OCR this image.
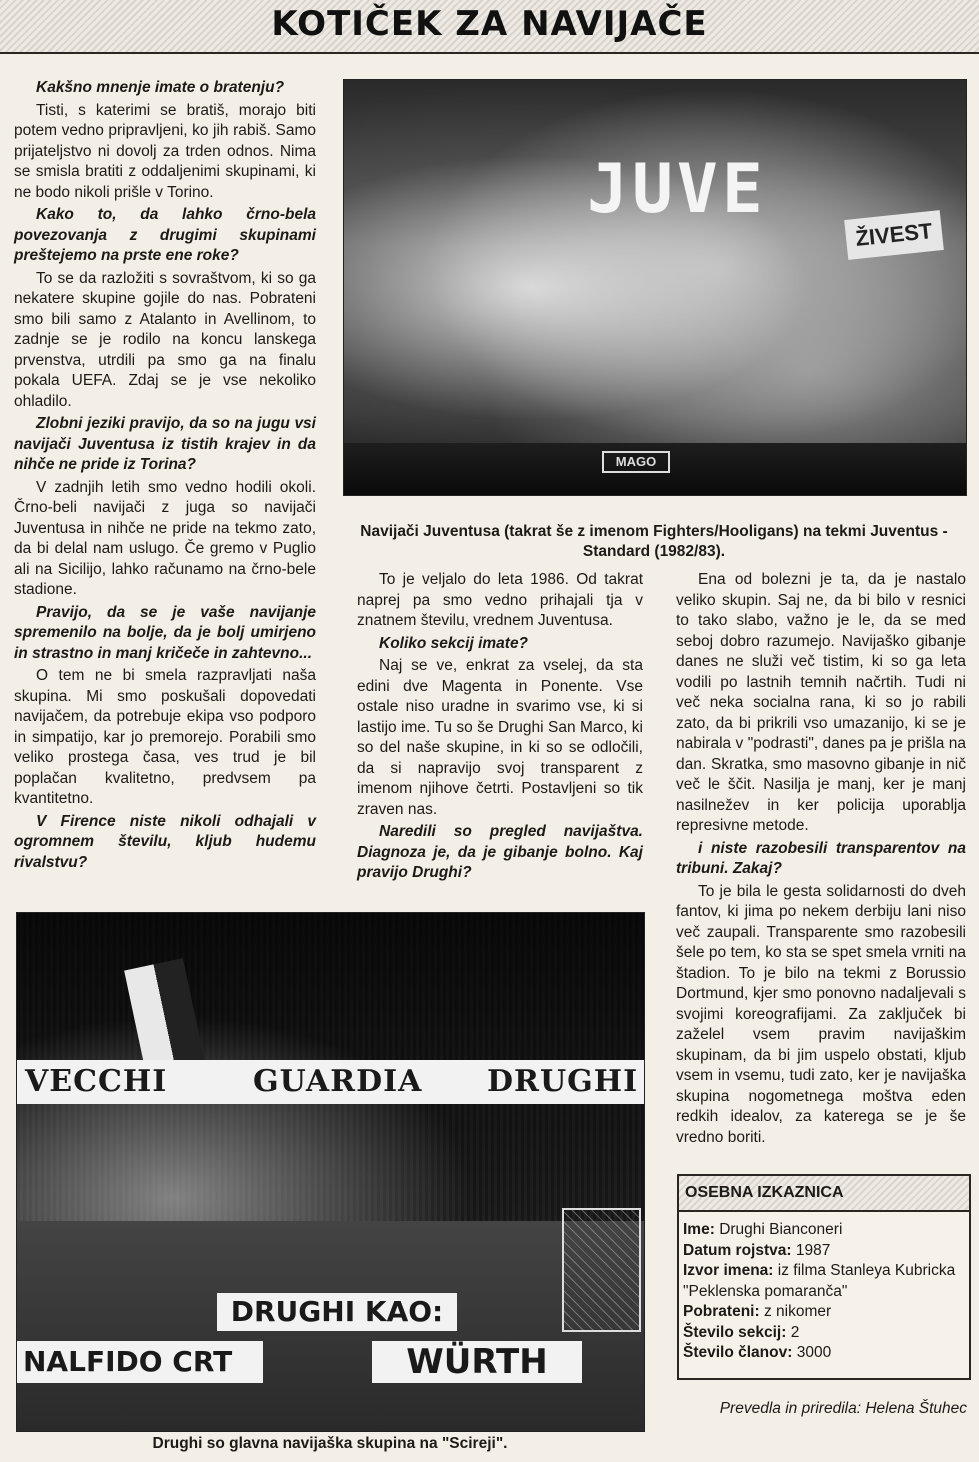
KOTIČEK ZA NAVIJAČE

Kakšno mnenje imate o bratenju?

Tisti, s katerimi se bratiš, morajo biti potem vedno pripravljeni, ko jih rabiš. Samo prijateljstvo ni dovolj za trden odnos. Nima se smisla bratiti z oddaljenimi skupinami, ki ne bodo nikoli prišle v Torino.

Kako to, da lahko črno-bela povezovanja z drugimi skupinami preštejemo na prste ene roke?

To se da razložiti s sovraštvom, ki so ga nekatere skupine gojile do nas. Pobrateni smo bili samo z Atalanto in Avellinom, to zadnje se je rodilo na koncu lanskega prvenstva, utrdili pa smo ga na finalu pokala UEFA. Zdaj se je vse nekoliko ohladilo.

Zlobni jeziki pravijo, da so na jugu vsi navijači Juventusa iz tistih krajev in da nihče ne pride iz Torina?

V zadnjih letih smo vedno hodili okoli. Črno-beli navijači z juga so navijači Juventusa in nihče ne pride na tekmo zato, da bi delal nam uslugo. Če gremo v Puglio ali na Sicilijo, lahko računamo na črno-bele stadione.

Pravijo, da se je vaše navijanje spremenilo na bolje, da je bolj umirjeno in strastno in manj kričeče in zahtevno...

O tem ne bi smela razpravljati naša skupina. Mi smo poskušali dopovedati navijačem, da potrebuje ekipa vso podporo in simpatijo, kar jo premorejo. Porabili smo veliko prostega časa, ves trud je bil poplačan kvalitetno, predvsem pa kvantitetno.

V Firence niste nikoli odhajali v ogromnem številu, kljub hudemu rivalstvu?

To je veljalo do leta 1986. Od takrat naprej pa smo vedno prihajali tja v znatnem številu, vrednem Juventusa.

Koliko sekcij imate?

Naj se ve, enkrat za vselej, da sta edini dve Magenta in Ponente. Vse ostale niso uradne in svarimo vse, ki si lastijo ime. Tu so še Drughi San Marco, ki so del naše skupine, in ki so se odločili, da si napravijo svoj transparent z imenom njihove četrti. Postavljeni so tik zraven nas.

Naredili so pregled navijaštva. Diagnoza je, da je gibanje bolno. Kaj pravijo Drughi?

Ena od bolezni je ta, da je nastalo veliko skupin. Saj ne, da bi bilo v resnici to tako slabo, važno je le, da se med seboj dobro razumejo. Navijaško gibanje danes ne služi več tistim, ki so ga leta vodili po lastnih temnih načrtih. Tudi ni več neka socialna rana, ki so jo rabili zato, da bi prikrili vso umazanijo, ki se je nabirala v "podrasti", danes pa je prišla na dan. Skratka, smo masovno gibanje in nič več le ščit. Nasilja je manj, ker je manj nasilnežev in ker policija uporablja represivne metode.

i niste razobesili transparentov na tribuni. Zakaj?

To je bila le gesta solidarnosti do dveh fantov, ki jima po nekem derbiju lani niso več zaupali. Transparente smo razobesili šele po tem, ko sta se spet smela vrniti na štadion. To je bilo na tekmi z Borussio Dortmund, kjer smo ponovno nadaljevali s svojimi koreografijami. Za zaključek bi zaželel vsem pravim navijaškim skupinam, da bi jim uspelo obstati, kljub vsem in vsemu, tudi zato, ker je navijaška skupina nogometnega moštva eden redkih idealov, za katerega se je še vredno boriti.

JUVE
ŽIVEST
MAGO
Navijači Juventusa (takrat še z imenom Fighters/Hooligans) na tekmi Juventus - Standard (1982/83).
VECCHI	GUARDIA DRUGHI
DRUGHI KAO:
NALFIDO CRT	WÜRTH
Drughi so glavna navijaška skupina na "Scireji".
OSEBNA IZKAZNICA
Ime: Drughi Bianconeri
Datum rojstva: 1987
Izvor imena: iz filma Stanleya Kubricka "Peklenska pomaranča"
Pobrateni: z nikomer
Število sekcij: 2
Število članov: 3000
Prevedla in priredila: Helena Štuhec
